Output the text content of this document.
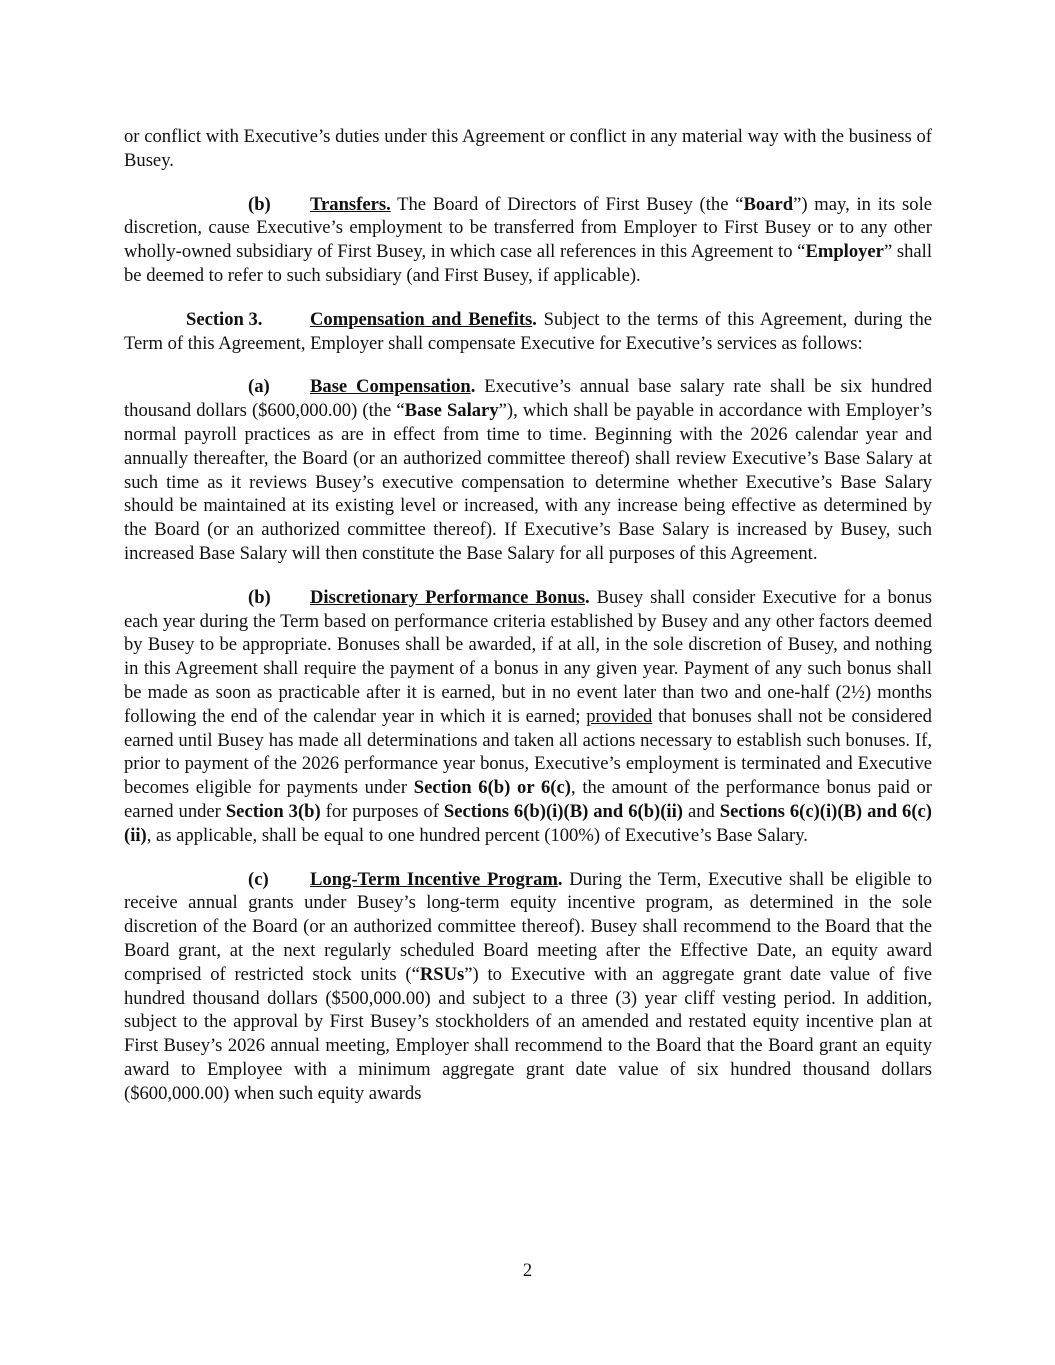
or conflict with Executive’s duties under this Agreement or conflict in any material way with the business of Busey.

(b) Transfers. The Board of Directors of First Busey (the “Board”) may, in its sole discretion, cause Executive’s employment to be transferred from Employer to First Busey or to any other wholly-owned subsidiary of First Busey, in which case all references in this Agreement to “Employer” shall be deemed to refer to such subsidiary (and First Busey, if applicable).

Section 3.	Compensation and Benefits. Subject to the terms of this Agreement, during the Term of this Agreement, Employer shall compensate Executive for Executive’s services as follows:

(a) Base Compensation. Executive’s annual base salary rate shall be six hundred thousand dollars ($600,000.00) (the “Base Salary”), which shall be payable in accordance with Employer’s normal payroll practices as are in effect from time to time. Beginning with the 2026 calendar year and annually thereafter, the Board (or an authorized committee thereof) shall review Executive’s Base Salary at such time as it reviews Busey’s executive compensation to determine whether Executive’s Base Salary should be maintained at its existing level or increased, with any increase being effective as determined by the Board (or an authorized committee thereof). If Executive’s Base Salary is increased by Busey, such increased Base Salary will then constitute the Base Salary for all purposes of this Agreement.

(b) Discretionary Performance Bonus. Busey shall consider Executive for a bonus each year during the Term based on performance criteria established by Busey and any other factors deemed by Busey to be appropriate. Bonuses shall be awarded, if at all, in the sole discretion of Busey, and nothing in this Agreement shall require the payment of a bonus in any given year. Payment of any such bonus shall be made as soon as practicable after it is earned, but in no event later than two and one-half (2½) months following the end of the calendar year in which it is earned; provided that bonuses shall not be considered earned until Busey has made all determinations and taken all actions necessary to establish such bonuses. If, prior to payment of the 2026 performance year bonus, Executive’s employment is terminated and Executive becomes eligible for payments under Section 6(b) or 6(c), the amount of the performance bonus paid or earned under Section 3(b) for purposes of Sections 6(b)(i)(B) and 6(b)(ii) and Sections 6(c)(i)(B) and 6(c)(ii), as applicable, shall be equal to one hundred percent (100%) of Executive’s Base Salary.

(c) Long-Term Incentive Program. During the Term, Executive shall be eligible to receive annual grants under Busey’s long-term equity incentive program, as determined in the sole discretion of the Board (or an authorized committee thereof). Busey shall recommend to the Board that the Board grant, at the next regularly scheduled Board meeting after the Effective Date, an equity award comprised of restricted stock units (“RSUs”) to Executive with an aggregate grant date value of five hundred thousand dollars ($500,000.00) and subject to a three (3) year cliff vesting period. In addition, subject to the approval by First Busey’s stockholders of an amended and restated equity incentive plan at First Busey’s 2026 annual meeting, Employer shall recommend to the Board that the Board grant an equity award to Employee with a minimum aggregate grant date value of six hundred thousand dollars ($600,000.00) when such equity awards

2
